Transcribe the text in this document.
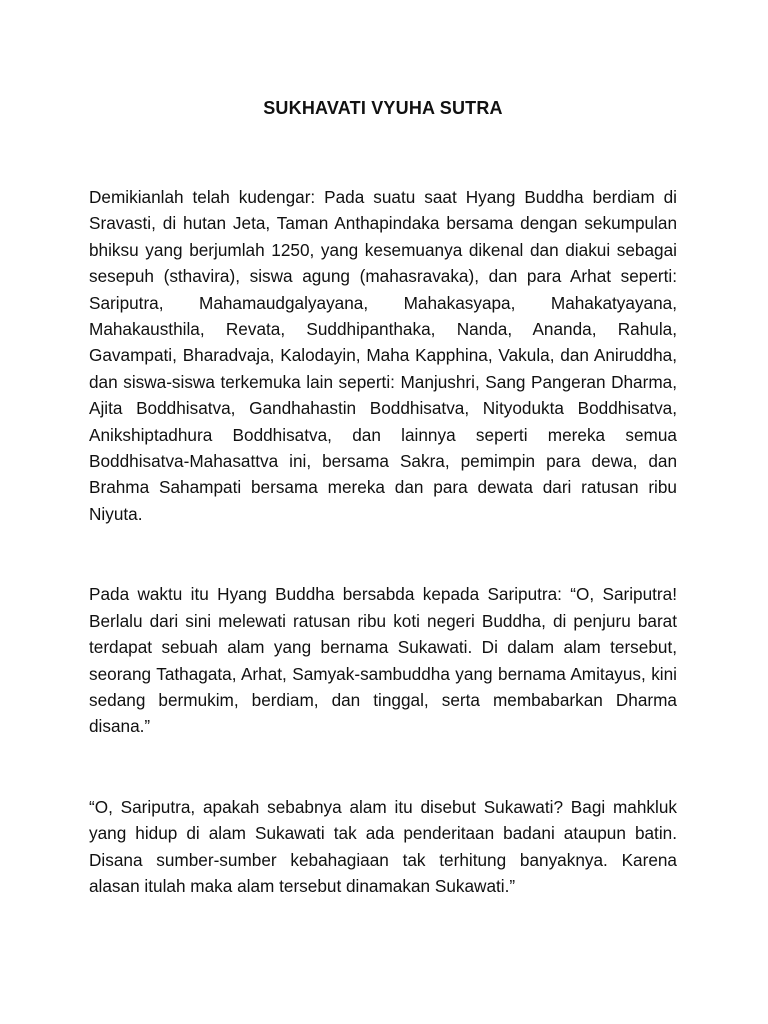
SUKHAVATI VYUHA SUTRA

Demikianlah telah kudengar: Pada suatu saat Hyang Buddha berdiam di Sravasti, di hutan Jeta, Taman Anthapindaka bersama dengan sekumpulan bhiksu yang berjumlah 1250, yang kesemuanya dikenal dan diakui sebagai sesepuh (sthavira), siswa agung (mahasravaka), dan para Arhat seperti: Sariputra, Mahamaudgalyayana, Mahakasyapa, Mahakatyayana, Mahakausthila, Revata, Suddhipanthaka, Nanda, Ananda, Rahula, Gavampati, Bharadvaja, Kalodayin, Maha Kapphina, Vakula, dan Aniruddha, dan siswa-siswa terkemuka lain seperti: Manjushri, Sang Pangeran Dharma, Ajita Boddhisatva, Gandhahastin Boddhisatva, Nityodukta Boddhisatva, Anikshiptadhura Boddhisatva, dan lainnya seperti mereka semua Boddhisatva-Mahasattva ini, bersama Sakra, pemimpin para dewa, dan Brahma Sahampati bersama mereka dan para dewata dari ratusan ribu Niyuta.

Pada waktu itu Hyang Buddha bersabda kepada Sariputra: “O, Sariputra! Berlalu dari sini melewati ratusan ribu koti negeri Buddha, di penjuru barat terdapat sebuah alam yang bernama Sukawati. Di dalam alam tersebut, seorang Tathagata, Arhat, Samyak-sambuddha yang bernama Amitayus, kini sedang bermukim, berdiam, dan tinggal, serta membabarkan Dharma disana.”

“O, Sariputra, apakah sebabnya alam itu disebut Sukawati? Bagi mahkluk yang hidup di alam Sukawati tak ada penderitaan badani ataupun batin. Disana sumber-sumber kebahagiaan tak terhitung banyaknya. Karena alasan itulah maka alam tersebut dinamakan Sukawati.”
